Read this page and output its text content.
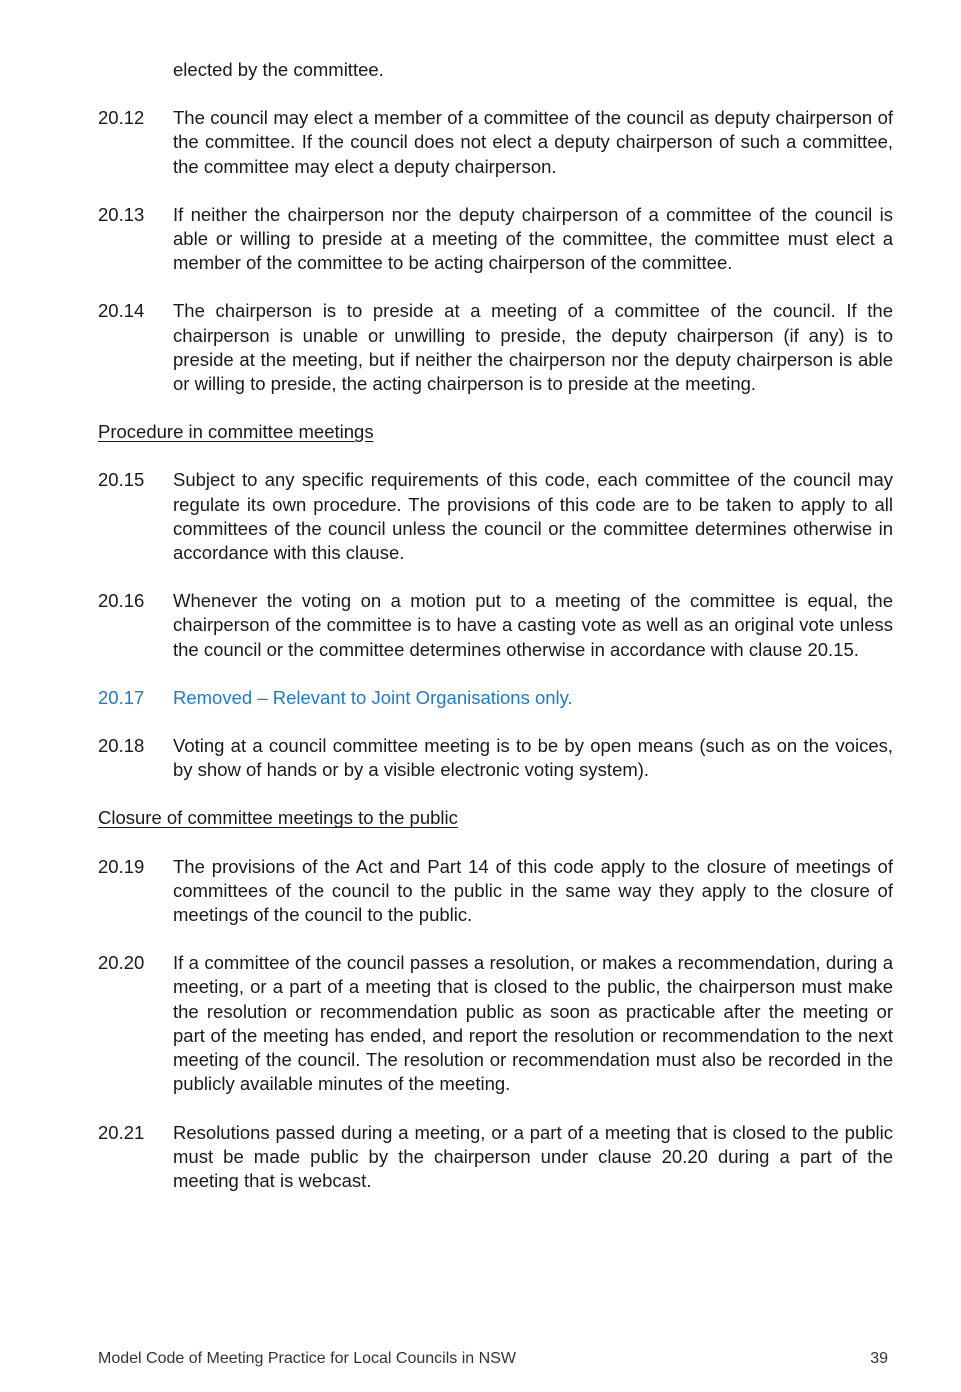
elected by the committee.
20.12	The council may elect a member of a committee of the council as deputy chairperson of the committee. If the council does not elect a deputy chairperson of such a committee, the committee may elect a deputy chairperson.
20.13	If neither the chairperson nor the deputy chairperson of a committee of the council is able or willing to preside at a meeting of the committee, the committee must elect a member of the committee to be acting chairperson of the committee.
20.14	The chairperson is to preside at a meeting of a committee of the council. If the chairperson is unable or unwilling to preside, the deputy chairperson (if any) is to preside at the meeting, but if neither the chairperson nor the deputy chairperson is able or willing to preside, the acting chairperson is to preside at the meeting.
Procedure in committee meetings
20.15	Subject to any specific requirements of this code, each committee of the council may regulate its own procedure. The provisions of this code are to be taken to apply to all committees of the council unless the council or the committee determines otherwise in accordance with this clause.
20.16	Whenever the voting on a motion put to a meeting of the committee is equal, the chairperson of the committee is to have a casting vote as well as an original vote unless the council or the committee determines otherwise in accordance with clause 20.15.
20.17	Removed – Relevant to Joint Organisations only.
20.18	Voting at a council committee meeting is to be by open means (such as on the voices, by show of hands or by a visible electronic voting system).
Closure of committee meetings to the public
20.19	The provisions of the Act and Part 14 of this code apply to the closure of meetings of committees of the council to the public in the same way they apply to the closure of meetings of the council to the public.
20.20	If a committee of the council passes a resolution, or makes a recommendation, during a meeting, or a part of a meeting that is closed to the public, the chairperson must make the resolution or recommendation public as soon as practicable after the meeting or part of the meeting has ended, and report the resolution or recommendation to the next meeting of the council. The resolution or recommendation must also be recorded in the publicly available minutes of the meeting.
20.21	Resolutions passed during a meeting, or a part of a meeting that is closed to the public must be made public by the chairperson under clause 20.20 during a part of the meeting that is webcast.
Model Code of Meeting Practice for Local Councils in NSW	39
